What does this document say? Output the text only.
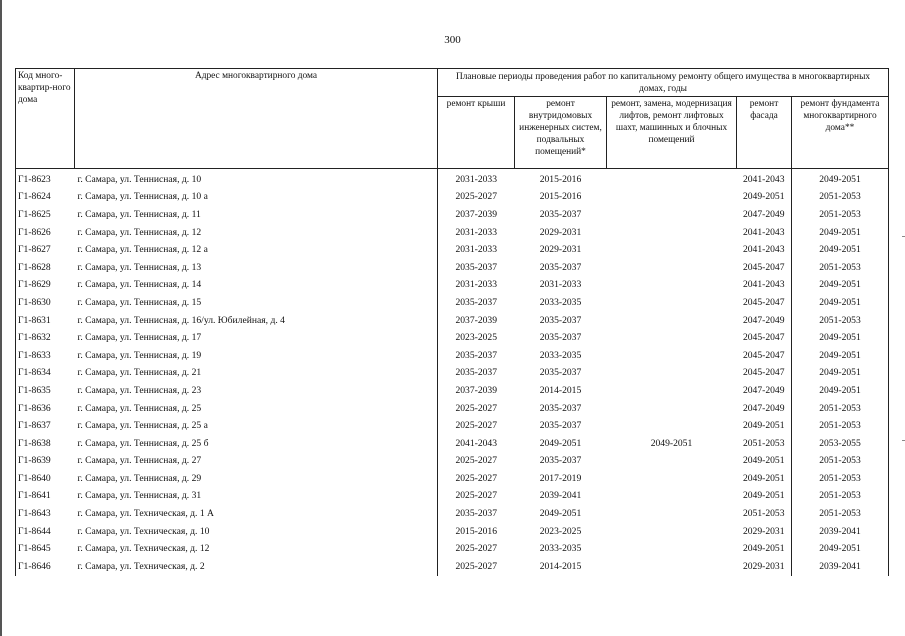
300
Код много-квартир-ного дома	Адрес многоквартирного дома	Плановые периоды проведения работ по капитальному ремонту общего имущества в многоквартирных домах, годы				
		ремонт крыши	ремонт внутридомовых инженерных систем, подвальных помещений*	ремонт, замена, модернизация лифтов, ремонт лифтовых шахт, машинных и блочных помещений	ремонт фасада	ремонт фундамента многоквартирного дома**
Г1-8623	г. Самара, ул. Теннисная, д. 10	2031-2033	2015-2016		2041-2043	2049-2051
Г1-8624	г. Самара, ул. Теннисная, д. 10 а	2025-2027	2015-2016		2049-2051	2051-2053
Г1-8625	г. Самара, ул. Теннисная, д. 11	2037-2039	2035-2037		2047-2049	2051-2053
Г1-8626	г. Самара, ул. Теннисная, д. 12	2031-2033	2029-2031		2041-2043	2049-2051
Г1-8627	г. Самара, ул. Теннисная, д. 12 а	2031-2033	2029-2031		2041-2043	2049-2051
Г1-8628	г. Самара, ул. Теннисная, д. 13	2035-2037	2035-2037		2045-2047	2051-2053
Г1-8629	г. Самара, ул. Теннисная, д. 14	2031-2033	2031-2033		2041-2043	2049-2051
Г1-8630	г. Самара, ул. Теннисная, д. 15	2035-2037	2033-2035		2045-2047	2049-2051
Г1-8631	г. Самара, ул. Теннисная, д. 16/ул. Юбилейная, д. 4	2037-2039	2035-2037		2047-2049	2051-2053
Г1-8632	г. Самара, ул. Теннисная, д. 17	2023-2025	2035-2037		2045-2047	2049-2051
Г1-8633	г. Самара, ул. Теннисная, д. 19	2035-2037	2033-2035		2045-2047	2049-2051
Г1-8634	г. Самара, ул. Теннисная, д. 21	2035-2037	2035-2037		2045-2047	2049-2051
Г1-8635	г. Самара, ул. Теннисная, д. 23	2037-2039	2014-2015		2047-2049	2049-2051
Г1-8636	г. Самара, ул. Теннисная, д. 25	2025-2027	2035-2037		2047-2049	2051-2053
Г1-8637	г. Самара, ул. Теннисная, д. 25 а	2025-2027	2035-2037		2049-2051	2051-2053
Г1-8638	г. Самара, ул. Теннисная, д. 25 б	2041-2043	2049-2051	2049-2051	2051-2053	2053-2055
Г1-8639	г. Самара, ул. Теннисная, д. 27	2025-2027	2035-2037		2049-2051	2051-2053
Г1-8640	г. Самара, ул. Теннисная, д. 29	2025-2027	2017-2019		2049-2051	2051-2053
Г1-8641	г. Самара, ул. Теннисная, д. 31	2025-2027	2039-2041		2049-2051	2051-2053
Г1-8643	г. Самара, ул. Техническая, д. 1 А	2035-2037	2049-2051		2051-2053	2051-2053
Г1-8644	г. Самара, ул. Техническая, д. 10	2015-2016	2023-2025		2029-2031	2039-2041
Г1-8645	г. Самара, ул. Техническая, д. 12	2025-2027	2033-2035		2049-2051	2049-2051
Г1-8646	г. Самара, ул. Техническая, д. 2	2025-2027	2014-2015		2029-2031	2039-2041
